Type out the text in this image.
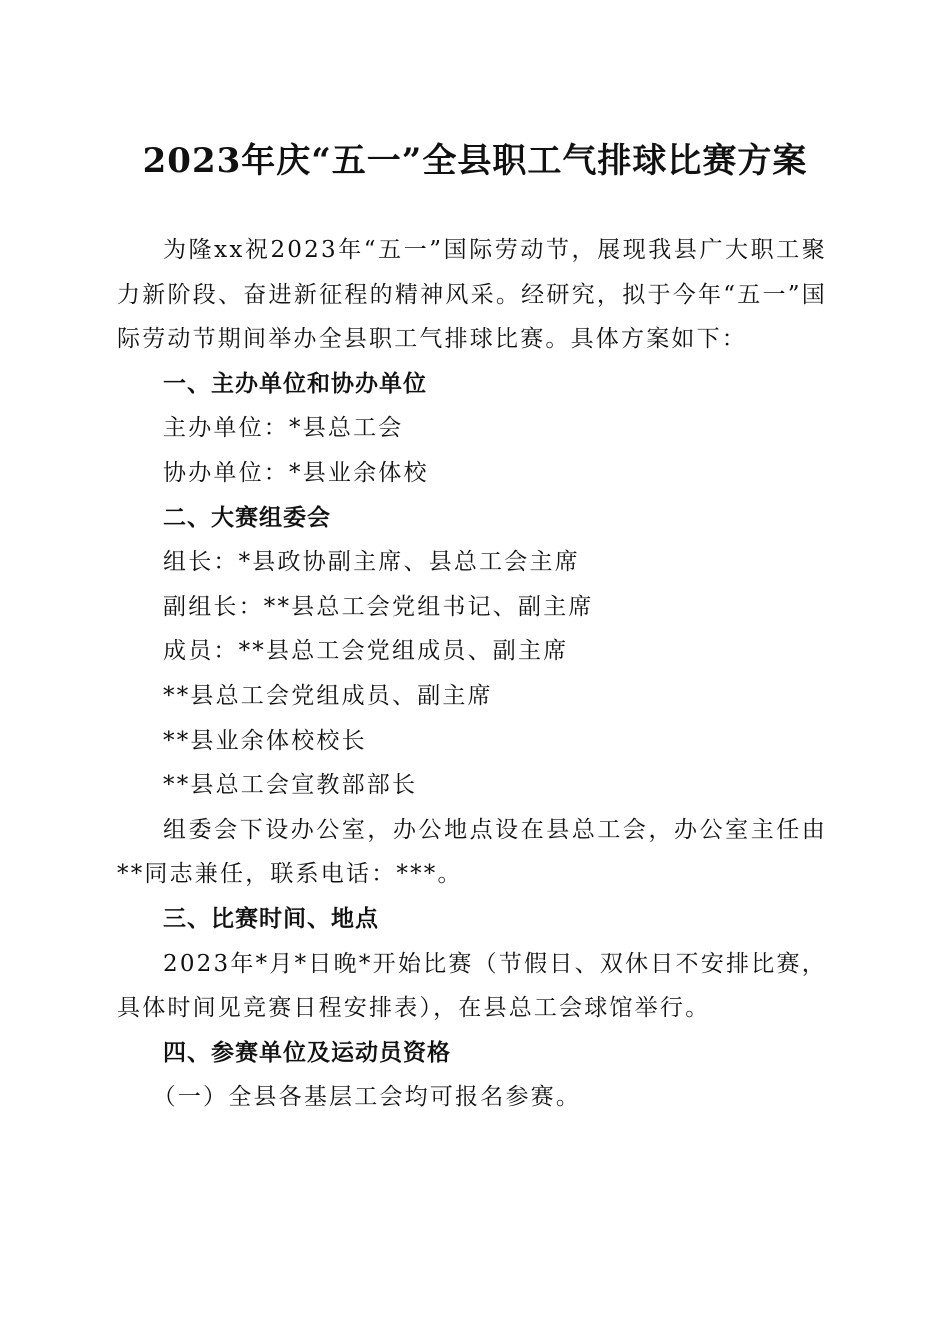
2023年庆“五一”全县职工气排球比赛方案

为隆xx祝2023年“五一”国际劳动节，展现我县广大职工聚力新阶段、奋进新征程的精神风采。经研究，拟于今年“五一”国际劳动节期间举办全县职工气排球比赛。具体方案如下：

一、主办单位和协办单位

主办单位：*县总工会

协办单位：*县业余体校

二、大赛组委会

组长：*县政协副主席、县总工会主席

副组长：**县总工会党组书记、副主席

成员：**县总工会党组成员、副主席

**县总工会党组成员、副主席

**县业余体校校长

**县总工会宣教部部长

组委会下设办公室，办公地点设在县总工会，办公室主任由**同志兼任，联系电话：***。

三、比赛时间、地点

2023年*月*日晚*开始比赛（节假日、双休日不安排比赛，具体时间见竞赛日程安排表），在县总工会球馆举行。

四、参赛单位及运动员资格

（一）全县各基层工会均可报名参赛。
